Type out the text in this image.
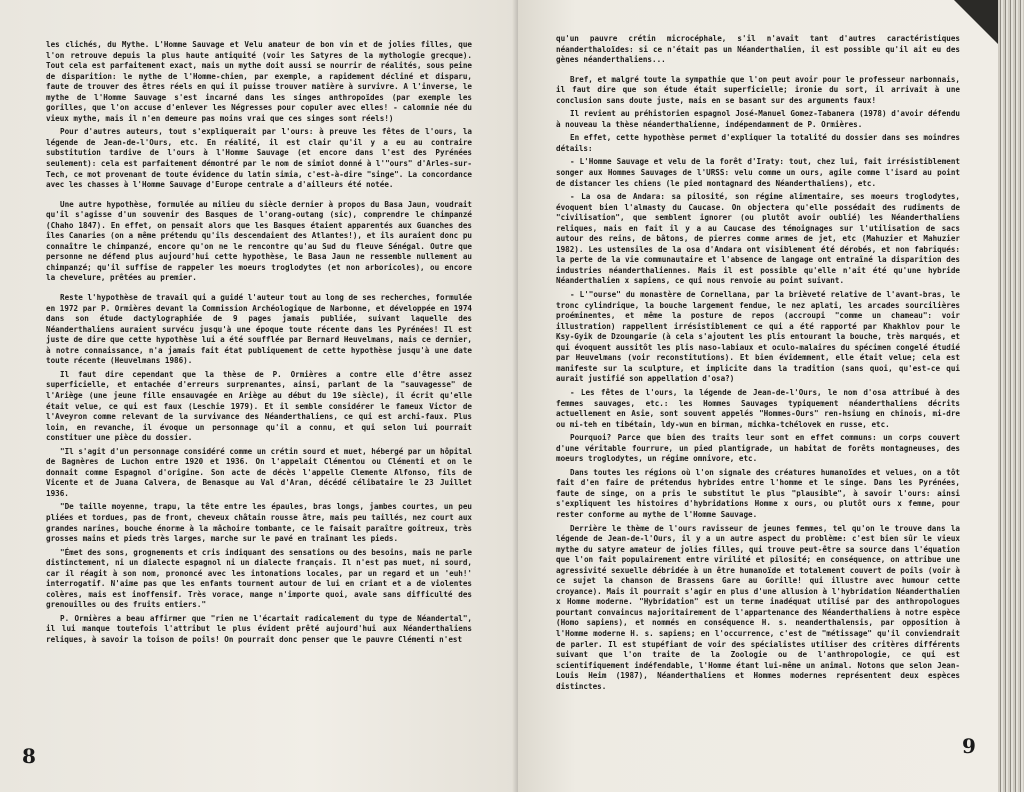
les clichés, du Mythe. L'Homme Sauvage et Velu amateur de bon vin et de jolies filles, que l'on retrouve depuis la plus haute antiquité (voir les Satyres de la mythologie grecque). Tout cela est parfaitement exact, mais un mythe doit aussi se nourrir de réalités, sous peine de disparition: le mythe de l'Homme-chien, par exemple, a rapidement décliné et disparu, faute de trouver des êtres réels en qui il puisse trouver matière à survivre. A l'inverse, le mythe de l'Homme Sauvage s'est incarné dans les singes anthropoïdes (par exemple les gorilles, que l'on accuse d'enlever les Négresses pour copuler avec elles! - calomnie née du vieux mythe, mais il n'en demeure pas moins vrai que ces singes sont réels!)

Pour d'autres auteurs, tout s'expliquerait par l'ours: à preuve les fêtes de l'ours, la légende de Jean-de-l'Ours, etc. En réalité, il est clair qu'il y a eu au contraire substitution tardive de l'ours à l'Homme Sauvage (et encore dans l'est des Pyrénées seulement): cela est parfaitement démontré par le nom de simiot donné à l'"ours" d'Arles-sur-Tech, ce mot provenant de toute évidence du latin simia, c'est-à-dire "singe". La concordance avec les chasses à l'Homme Sauvage d'Europe centrale a d'ailleurs été notée.

Une autre hypothèse, formulée au milieu du siècle dernier à propos du Basa Jaun, voudrait qu'il s'agisse d'un souvenir des Basques de l'orang-outang (sic), comprendre le chimpanzé (Chaho 1847). En effet, on pensait alors que les Basques étaient apparentés aux Guanches des îles Canaries (on a même prétendu qu'ils descendaient des Atlantes!), et ils auraient donc pu connaître le chimpanzé, encore qu'on ne le rencontre qu'au Sud du fleuve Sénégal. Outre que personne ne défend plus aujourd'hui cette hypothèse, le Basa Jaun ne ressemble nullement au chimpanzé; qu'il suffise de rappeler les moeurs troglodytes (et non arboricoles), ou encore la chevelure, prêtées au premier.

Reste l'hypothèse de travail qui a guidé l'auteur tout au long de ses recherches, formulée en 1972 par P. Ormières devant la Commission Archéologique de Narbonne, et développée en 1974 dans son étude dactylographiée de 9 pages jamais publiée, suivant laquelle des Néanderthaliens auraient survécu jusqu'à une époque toute récente dans les Pyrénées! Il est juste de dire que cette hypothèse lui a été soufflée par Bernard Heuvelmans, mais ce dernier, à notre connaissance, n'a jamais fait état publiquement de cette hypothèse jusqu'à une date toute récente (Heuvelmans 1986).

Il faut dire cependant que la thèse de P. Ormières a contre elle d'être assez superficielle, et entachée d'erreurs surprenantes, ainsi, parlant de la "sauvagesse" de l'Ariège (une jeune fille ensauvagée en Ariège au début du 19e siècle), il écrit qu'elle était velue, ce qui est faux (Leschie 1979). Et il semble considérer le fameux Victor de l'Aveyron comme relevant de la survivance des Néanderthaliens, ce qui est archi-faux. Plus loin, en revanche, il évoque un personnage qu'il a connu, et qui selon lui pourrait constituer une pièce du dossier.

"Il s'agit d'un personnage considéré comme un crétin sourd et muet, hébergé par un hôpital de Bagnères de Luchon entre 1920 et 1936. On l'appelait Clémentou ou Clémenti et on le donnait comme Espagnol d'origine. Son acte de décès l'appelle Clemente Alfonso, fils de Vicente et de Juana Calvera, de Benasque au Val d'Aran, décédé célibataire le 23 Juillet 1936.

"De taille moyenne, trapu, la tête entre les épaules, bras longs, jambes courtes, un peu pliées et tordues, pas de front, cheveux châtain rousse âtre, mais peu taillés, nez court aux grandes narines, bouche énorme à la mâchoire tombante, ce le faisait paraître goitreux, très grosses mains et pieds très larges, marche sur le pavé en traînant les pieds.

"Émet des sons, grognements et cris indiquant des sensations ou des besoins, mais ne parle distinctement, ni un dialecte espagnol ni un dialecte français. Il n'est pas muet, ni sourd, car il réagit à son nom, prononcé avec les intonations locales, par un regard et un 'euh!' interrogatif. N'aime pas que les enfants tournent autour de lui en criant et a de violentes colères, mais est inoffensif. Très vorace, mange n'importe quoi, avale sans difficulté des grenouilles ou des fruits entiers."

P. Ormières a beau affirmer que "rien ne l'écartait radicalement du type de Néandertal", il lui manque toutefois l'attribut le plus évident prêté aujourd'hui aux Néanderthaliens reliques, à savoir la toison de poils! On pourrait donc penser que le pauvre Clémenti n'est

8

qu'un pauvre crétin microcéphale, s'il n'avait tant d'autres caractéristiques néanderthaloïdes: si ce n'était pas un Néanderthalien, il est possible qu'il ait eu des gènes néanderthaliens...

Bref, et malgré toute la sympathie que l'on peut avoir pour le professeur narbonnais, il faut dire que son étude était superficielle; ironie du sort, il arrivait à une conclusion sans doute juste, mais en se basant sur des arguments faux!

Il revient au préhistorien espagnol José-Manuel Gomez-Tabanera (1978) d'avoir défendu à nouveau la thèse néanderthalienne, indépendamment de P. Ormières.

En effet, cette hypothèse permet d'expliquer la totalité du dossier dans ses moindres détails:

- L'Homme Sauvage et velu de la forêt d'Iraty: tout, chez lui, fait irrésistiblement songer aux Hommes Sauvages de l'URSS: velu comme un ours, agile comme l'isard au point de distancer les chiens (le pied montagnard des Néanderthaliens), etc.

- La osa de Andara: sa pilosité, son régime alimentaire, ses moeurs troglodytes, évoquent bien l'almasty du Caucase. On objectera qu'elle possédait des rudiments de "civilisation", que semblent ignorer (ou plutôt avoir oublié) les Néanderthaliens reliques, mais en fait il y a au Caucase des témoignages sur l'utilisation de sacs autour des reins, de bâtons, de pierres comme armes de jet, etc (Mahuzier et Mahuzier 1982). Les ustensiles de la osa d'Andara ont visiblement été dérobés, et non fabriqués: la perte de la vie communautaire et l'absence de langage ont entraîné la disparition des industries néanderthaliennes. Mais il est possible qu'elle n'ait été qu'une hybride Néanderthalien x sapiens, ce qui nous renvoie au point suivant.

- L'"ourse" du monastère de Cornellana, par la brièveté relative de l'avant-bras, le tronc cylindrique, la bouche largement fendue, le nez aplati, les arcades sourcilières proéminentes, et même la posture de repos (accroupi "comme un chameau": voir illustration) rappellent irrésistiblement ce qui a été rapporté par Khakhlov pour le Ksy-Gyik de Dzoungarie (à cela s'ajoutent les plis entourant la bouche, très marqués, et qui évoquent aussitôt les plis naso-labiaux et oculo-malaires du spécimen congelé étudié par Heuvelmans (voir reconstitutions). Et bien évidemment, elle était velue; cela est manifeste sur la sculpture, et implicite dans la tradition (sans quoi, qu'est-ce qui aurait justifié son appellation d'osa?)

- Les fêtes de l'ours, la légende de Jean-de-l'Ours, le nom d'osa attribué à des femmes sauvages, etc.: les Hommes Sauvages typiquement néanderthaliens décrits actuellement en Asie, sont souvent appelés "Hommes-Ours" ren-hsiung en chinois, mi-dre ou mi-teh en tibétain, ldy-wun en birman, michka-tchélovek en russe, etc.

Pourquoi? Parce que bien des traits leur sont en effet communs: un corps couvert d'une véritable fourrure, un pied plantigrade, un habitat de forêts montagneuses, des moeurs troglodytes, un régime omnivore, etc.

Dans toutes les régions où l'on signale des créatures humanoïdes et velues, on a tôt fait d'en faire de prétendus hybrides entre l'homme et le singe. Dans les Pyrénées, faute de singe, on a pris le substitut le plus "plausible", à savoir l'ours: ainsi s'expliquent les histoires d'hybridations Homme x ours, ou plutôt ours x femme, pour rester conforme au mythe de l'Homme Sauvage.

Derrière le thème de l'ours ravisseur de jeunes femmes, tel qu'on le trouve dans la légende de Jean-de-l'Ours, il y a un autre aspect du problème: c'est bien sûr le vieux mythe du satyre amateur de jolies filles, qui trouve peut-être sa source dans l'équation que l'on fait populairement entre virilité et pilosité; en conséquence, on attribue une agressivité sexuelle débridée à un être humanoïde et totalement couvert de poils (voir à ce sujet la chanson de Brassens Gare au Gorille! qui illustre avec humour cette croyance). Mais il pourrait s'agir en plus d'une allusion à l'hybridation Néanderthalien x Homme moderne. "Hybridation" est un terme inadéquat utilisé par des anthropologues pourtant convaincus majoritairement de l'appartenance des Néanderthaliens à notre espèce (Homo sapiens), et nommés en conséquence H. s. neanderthalensis, par opposition à l'Homme moderne H. s. sapiens; en l'occurrence, c'est de "métissage" qu'il conviendrait de parler. Il est stupéfiant de voir des spécialistes utiliser des critères différents suivant que l'on traite de la Zoologie ou de l'anthropologie, ce qui est scientifiquement indéfendable, l'Homme étant lui-même un animal. Notons que selon Jean-Louis Heim (1987), Néanderthaliens et Hommes modernes représentent deux espèces distinctes.

9
